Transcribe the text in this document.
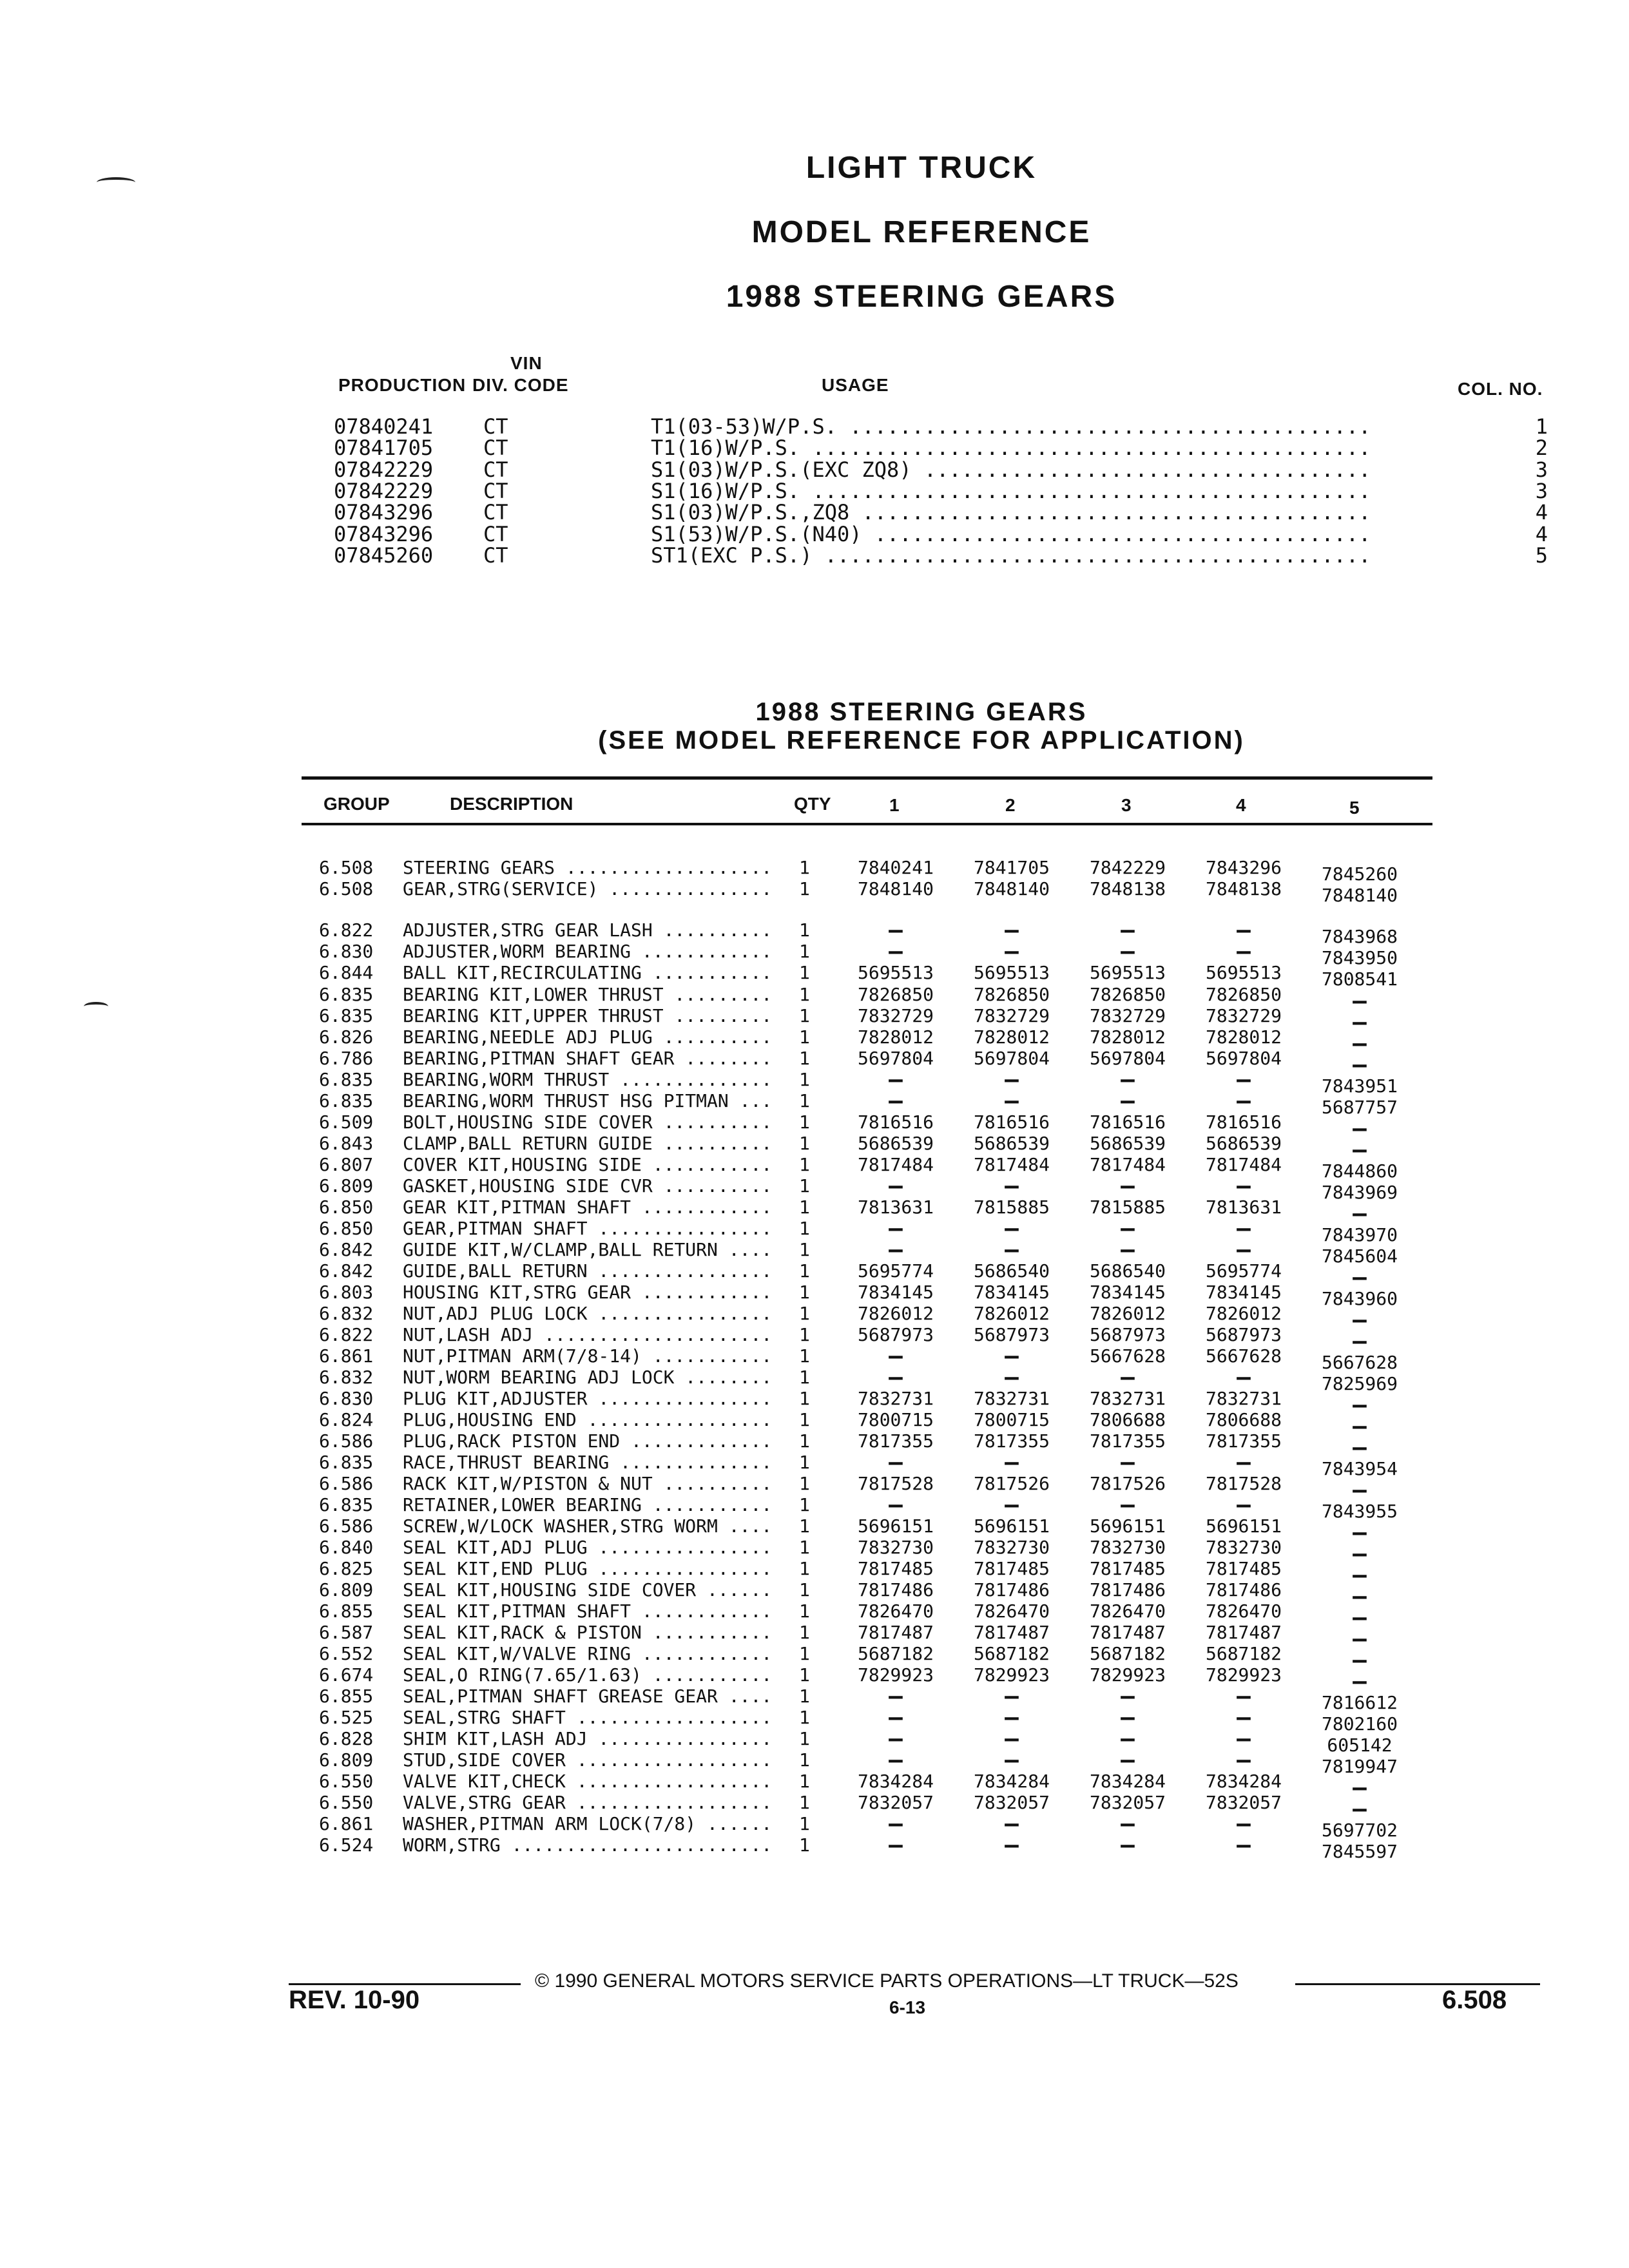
LIGHT TRUCK
MODEL REFERENCE
1988 STEERING GEARS
VIN
PRODUCTION DIV. CODE	USAGE	COL. NO.
07840241 CT	T1(03-53)W/P.S. ..........................................	1
07841705 CT	T1(16)W/P.S. .............................................	2
07842229 CT	S1(03)W/P.S.(EXC ZQ8) ....................................	3
07842229 CT	S1(16)W/P.S. .............................................	3
07843296 CT	S1(03)W/P.S.,ZQ8 .........................................	4
07843296 CT	S1(53)W/P.S.(N40) ........................................	4
07845260 CT	ST1(EXC P.S.) ............................................	5
1988 STEERING GEARS
(SEE MODEL REFERENCE FOR APPLICATION)
GROUP	DESCRIPTION	QTY	1	2	3	4	5
6.508 STEERING GEARS ...................	1	7840241	7841705	7842229	7843296	7845260
6.508 GEAR,STRG(SERVICE) ...............	1	7848140	7848140	7848138	7848138	7848140
6.822 ADJUSTER,STRG GEAR LASH ..........	1	—	—	—	—	7843968
6.830 ADJUSTER,WORM BEARING ............	1	—	—	—	—	7843950
6.844 BALL KIT,RECIRCULATING ...........	1	5695513	5695513	5695513	5695513	7808541
6.835 BEARING KIT,LOWER THRUST .........	1	7826850	7826850	7826850	7826850	—
6.835 BEARING KIT,UPPER THRUST .........	1	7832729	7832729	7832729	7832729	—
6.826 BEARING,NEEDLE ADJ PLUG ..........	1	7828012	7828012	7828012	7828012	—
6.786 BEARING,PITMAN SHAFT GEAR ........	1	5697804	5697804	5697804	5697804	—
6.835 BEARING,WORM THRUST ..............	1	—	—	—	—	7843951
6.835 BEARING,WORM THRUST HSG PITMAN ...	1	—	—	—	—	5687757
6.509 BOLT,HOUSING SIDE COVER ..........	1	7816516	7816516	7816516	7816516	—
6.843 CLAMP,BALL RETURN GUIDE ..........	1	5686539	5686539	5686539	5686539	—
6.807 COVER KIT,HOUSING SIDE ...........	1	7817484	7817484	7817484	7817484	7844860
6.809 GASKET,HOUSING SIDE CVR ..........	1	—	—	—	—	7843969
6.850 GEAR KIT,PITMAN SHAFT ............	1	7813631	7815885	7815885	7813631	—
6.850 GEAR,PITMAN SHAFT ................	1	—	—	—	—	7843970
6.842 GUIDE KIT,W/CLAMP,BALL RETURN ....	1	—	—	—	—	7845604
6.842 GUIDE,BALL RETURN ................	1	5695774	5686540	5686540	5695774	—
6.803 HOUSING KIT,STRG GEAR ............	1	7834145	7834145	7834145	7834145	7843960
6.832 NUT,ADJ PLUG LOCK ................	1	7826012	7826012	7826012	7826012	—
6.822 NUT,LASH ADJ .....................	1	5687973	5687973	5687973	5687973	—
6.861 NUT,PITMAN ARM(7/8-14) ...........	1	—	—	5667628	5667628	5667628
6.832 NUT,WORM BEARING ADJ LOCK ........	1	—	—	—	—	7825969
6.830 PLUG KIT,ADJUSTER ................	1	7832731	7832731	7832731	7832731	—
6.824 PLUG,HOUSING END .................	1	7800715	7800715	7806688	7806688	—
6.586 PLUG,RACK PISTON END .............	1	7817355	7817355	7817355	7817355	—
6.835 RACE,THRUST BEARING ..............	1	—	—	—	—	7843954
6.586 RACK KIT,W/PISTON & NUT ..........	1	7817528	7817526	7817526	7817528	—
6.835 RETAINER,LOWER BEARING ...........	1	—	—	—	—	7843955
6.586 SCREW,W/LOCK WASHER,STRG WORM ....	1	5696151	5696151	5696151	5696151	—
6.840 SEAL KIT,ADJ PLUG ................	1	7832730	7832730	7832730	7832730	—
6.825 SEAL KIT,END PLUG ................	1	7817485	7817485	7817485	7817485	—
6.809 SEAL KIT,HOUSING SIDE COVER ......	1	7817486	7817486	7817486	7817486	—
6.855 SEAL KIT,PITMAN SHAFT ............	1	7826470	7826470	7826470	7826470	—
6.587 SEAL KIT,RACK & PISTON ...........	1	7817487	7817487	7817487	7817487	—
6.552 SEAL KIT,W/VALVE RING ............	1	5687182	5687182	5687182	5687182	—
6.674 SEAL,O RING(7.65/1.63) ...........	1	7829923	7829923	7829923	7829923	—
6.855 SEAL,PITMAN SHAFT GREASE GEAR ....	1	—	—	—	—	7816612
6.525 SEAL,STRG SHAFT ..................	1	—	—	—	—	7802160
6.828 SHIM KIT,LASH ADJ ................	1	—	—	—	—	605142
6.809 STUD,SIDE COVER ..................	1	—	—	—	—	7819947
6.550 VALVE KIT,CHECK ..................	1	7834284	7834284	7834284	7834284	—
6.550 VALVE,STRG GEAR ..................	1	7832057	7832057	7832057	7832057	—
6.861 WASHER,PITMAN ARM LOCK(7/8) ......	1	—	—	—	—	5697702
6.524 WORM,STRG ........................	1	—	—	—	—	7845597
© 1990 GENERAL MOTORS SERVICE PARTS OPERATIONS—LT TRUCK—52S
6-13
REV. 10-90	6.508
